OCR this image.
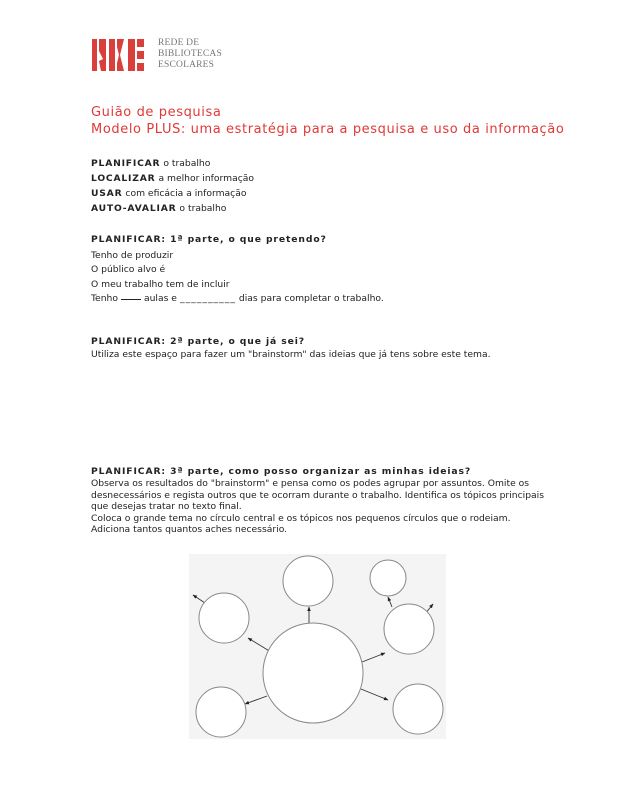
REDE DE
BIBLIOTECAS
ESCOLARES
Guião de pesquisa
Modelo PLUS: uma estratégia para a pesquisa e uso da informação
PLANIFICAR o trabalho
LOCALIZAR a melhor informação
USAR com eficácia a informação
AUTO-AVALIAR o trabalho
PLANIFICAR: 1ª parte, o que pretendo?
Tenho de produzir
O público alvo é
O meu trabalho tem de incluir
Tenho	aulas e __________ dias para completar o trabalho.
PLANIFICAR: 2ª parte, o que já sei?
Utiliza este espaço para fazer um "brainstorm" das ideias que já tens sobre este tema.
PLANIFICAR: 3ª parte, como posso organizar as minhas ideias?
Observa os resultados do "brainstorm" e pensa como os podes agrupar por assuntos. Omite os
desnecessários e regista outros que te ocorram durante o trabalho. Identifica os tópicos principais
que desejas tratar no texto final.
Coloca o grande tema no círculo central e os tópicos nos pequenos círculos que o rodeiam.
Adiciona tantos quantos aches necessário.
